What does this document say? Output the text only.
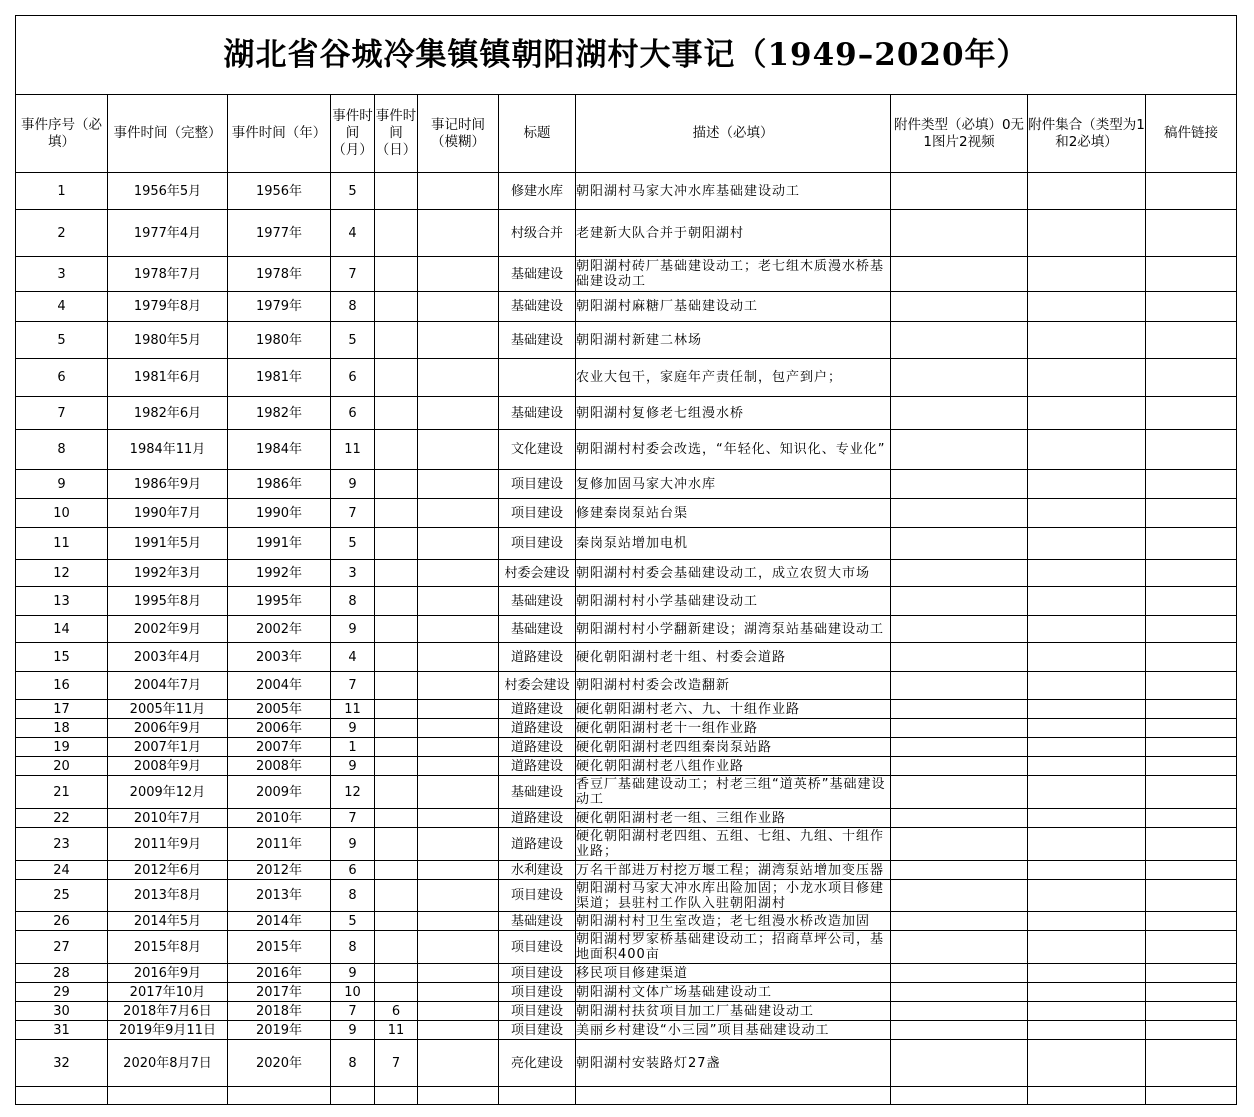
湖北省谷城冷集镇镇朝阳湖村大事记（1949–2020年）										
事件序号（必填）	事件时间（完整）	事件时间（年）	事件时间（月）	事件时间（日）	事记时间（模糊）	标题	描述（必填）	附件类型（必填）0无1图片2视频	附件集合（类型为1和2必填）	稿件链接
1	1956年5月	1956年	5			修建水库	朝阳湖村马家大冲水库基础建设动工			
2	1977年4月	1977年	4			村级合并	老建新大队合并于朝阳湖村			
3	1978年7月	1978年	7			基础建设	朝阳湖村砖厂基础建设动工；老七组木质漫水桥基础建设动工			
4	1979年8月	1979年	8			基础建设	朝阳湖村麻糖厂基础建设动工			
5	1980年5月	1980年	5			基础建设	朝阳湖村新建二林场			
6	1981年6月	1981年	6				农业大包干，家庭年产责任制，包产到户；			
7	1982年6月	1982年	6			基础建设	朝阳湖村复修老七组漫水桥			
8	1984年11月	1984年	11			文化建设	朝阳湖村村委会改选，“年轻化、知识化、专业化”			
9	1986年9月	1986年	9			项目建设	复修加固马家大冲水库			
10	1990年7月	1990年	7			项目建设	修建秦岗泵站台渠			
11	1991年5月	1991年	5			项目建设	秦岗泵站增加电机			
12	1992年3月	1992年	3			村委会建设	朝阳湖村村委会基础建设动工，成立农贸大市场			
13	1995年8月	1995年	8			基础建设	朝阳湖村村小学基础建设动工			
14	2002年9月	2002年	9			基础建设	朝阳湖村村小学翻新建设；湖湾泵站基础建设动工			
15	2003年4月	2003年	4			道路建设	硬化朝阳湖村老十组、村委会道路			
16	2004年7月	2004年	7			村委会建设	朝阳湖村村委会改造翻新			
17	2005年11月	2005年	11			道路建设	硬化朝阳湖村老六、九、十组作业路			
18	2006年9月	2006年	9			道路建设	硬化朝阳湖村老十一组作业路			
19	2007年1月	2007年	1			道路建设	硬化朝阳湖村老四组秦岗泵站路			
20	2008年9月	2008年	9			道路建设	硬化朝阳湖村老八组作业路			
21	2009年12月	2009年	12			基础建设	香豆厂基础建设动工；村老三组“道英桥”基础建设动工			
22	2010年7月	2010年	7			道路建设	硬化朝阳湖村老一组、三组作业路			
23	2011年9月	2011年	9			道路建设	硬化朝阳湖村老四组、五组、七组、九组、十组作业路；			
24	2012年6月	2012年	6			水利建设	万名干部进万村挖万堰工程；湖湾泵站增加变压器			
25	2013年8月	2013年	8			项目建设	朝阳湖村马家大冲水库出险加固；小龙水项目修建渠道；县驻村工作队入驻朝阳湖村			
26	2014年5月	2014年	5			基础建设	朝阳湖村村卫生室改造；老七组漫水桥改造加固			
27	2015年8月	2015年	8			项目建设	朝阳湖村罗家桥基础建设动工；招商草坪公司，基地面积400亩			
28	2016年9月	2016年	9			项目建设	移民项目修建渠道			
29	2017年10月	2017年	10			项目建设	朝阳湖村文体广场基础建设动工			
30	2018年7月6日	2018年	7	6		项目建设	朝阳湖村扶贫项目加工厂基础建设动工			
31	2019年9月11日	2019年	9	11		项目建设	美丽乡村建设“小三园”项目基础建设动工			
32	2020年8月7日	2020年	8	7		亮化建设	朝阳湖村安装路灯27盏			
